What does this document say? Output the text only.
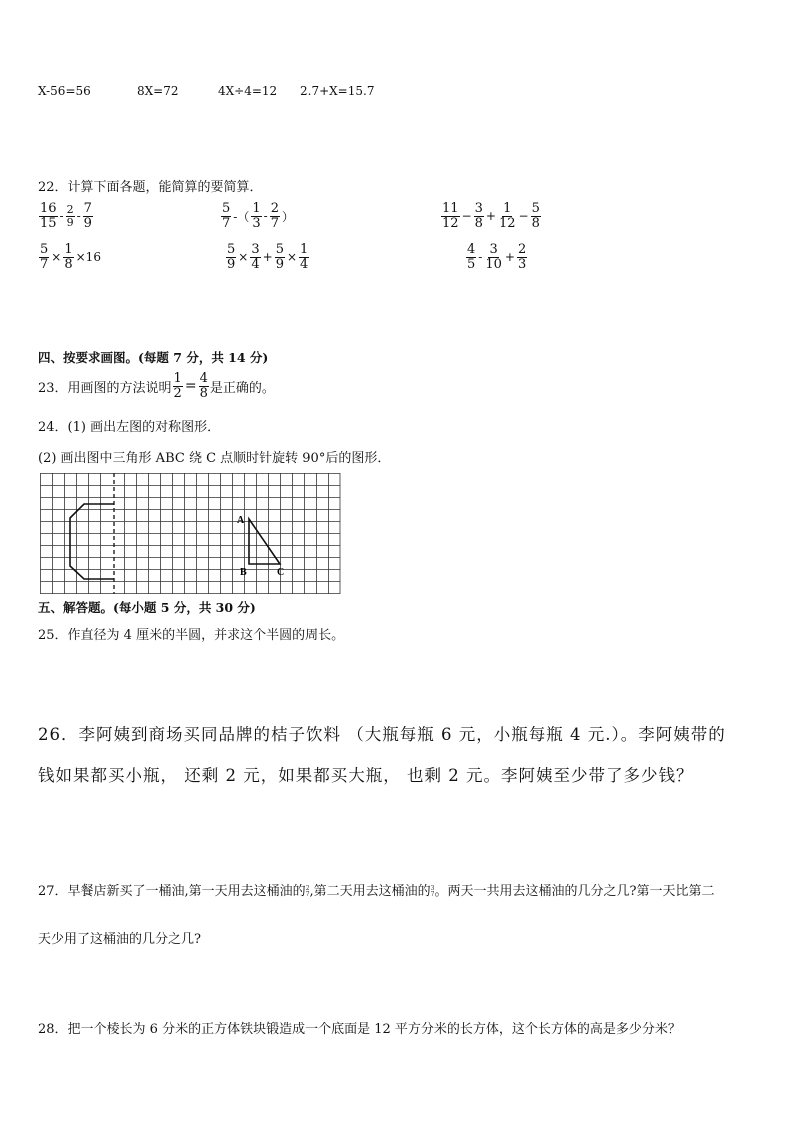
X-56=56	8X=72	4X÷4=12 2.7+X=15.7
22．计算下面各题，能简算的要简算．
$\frac{16}{15} - \frac{2}{9} - \frac{7}{9}$	$\frac{5}{7}$ -（ $\frac{1}{3} - \frac{2}{7}$ ）	$\frac{11}{12} - \frac{3}{8} + \frac{1}{12} - \frac{5}{8}$
$\frac{5}{7} \times \frac{1}{8} \times 16$	$\frac{5}{9} \times \frac{3}{4} + \frac{5}{9} \times \frac{1}{4}$	$\frac{4}{5} - \frac{3}{10} + \frac{2}{3}$
四、按要求画图。(每题 7 分，共 14 分)
23．用画图的方法说明 $\frac{1}{2} = \frac{4}{8}$ 是正确的。
24．(1) 画出左图的对称图形．
(2) 画出图中三角形 ABC 绕 C 点顺时针旋转 90°后的图形．
A
B	C
五、解答题。(每小题 5 分，共 30 分)
25．作直径为 4 厘米的半圆，并求这个半圆的周长。
26．李阿姨到商场买同品牌的桔子饮料 （大瓶每瓶 6 元，小瓶每瓶 4 元.）。李阿姨带的
钱如果都买小瓶， 还剩 2 元，如果都买大瓶， 也剩 2 元。李阿姨至少带了多少钱？
27．早餐店新买了一桶油,第一天用去这桶油的 2
7 ,第二天用去这桶油的 3
7 。两天一共用去这桶油的几分之几?第一天比第二
天少用了这桶油的几分之几?
28．把一个棱长为 6 分米的正方体铁块锻造成一个底面是 12 平方分米的长方体，这个长方体的高是多少分米？
